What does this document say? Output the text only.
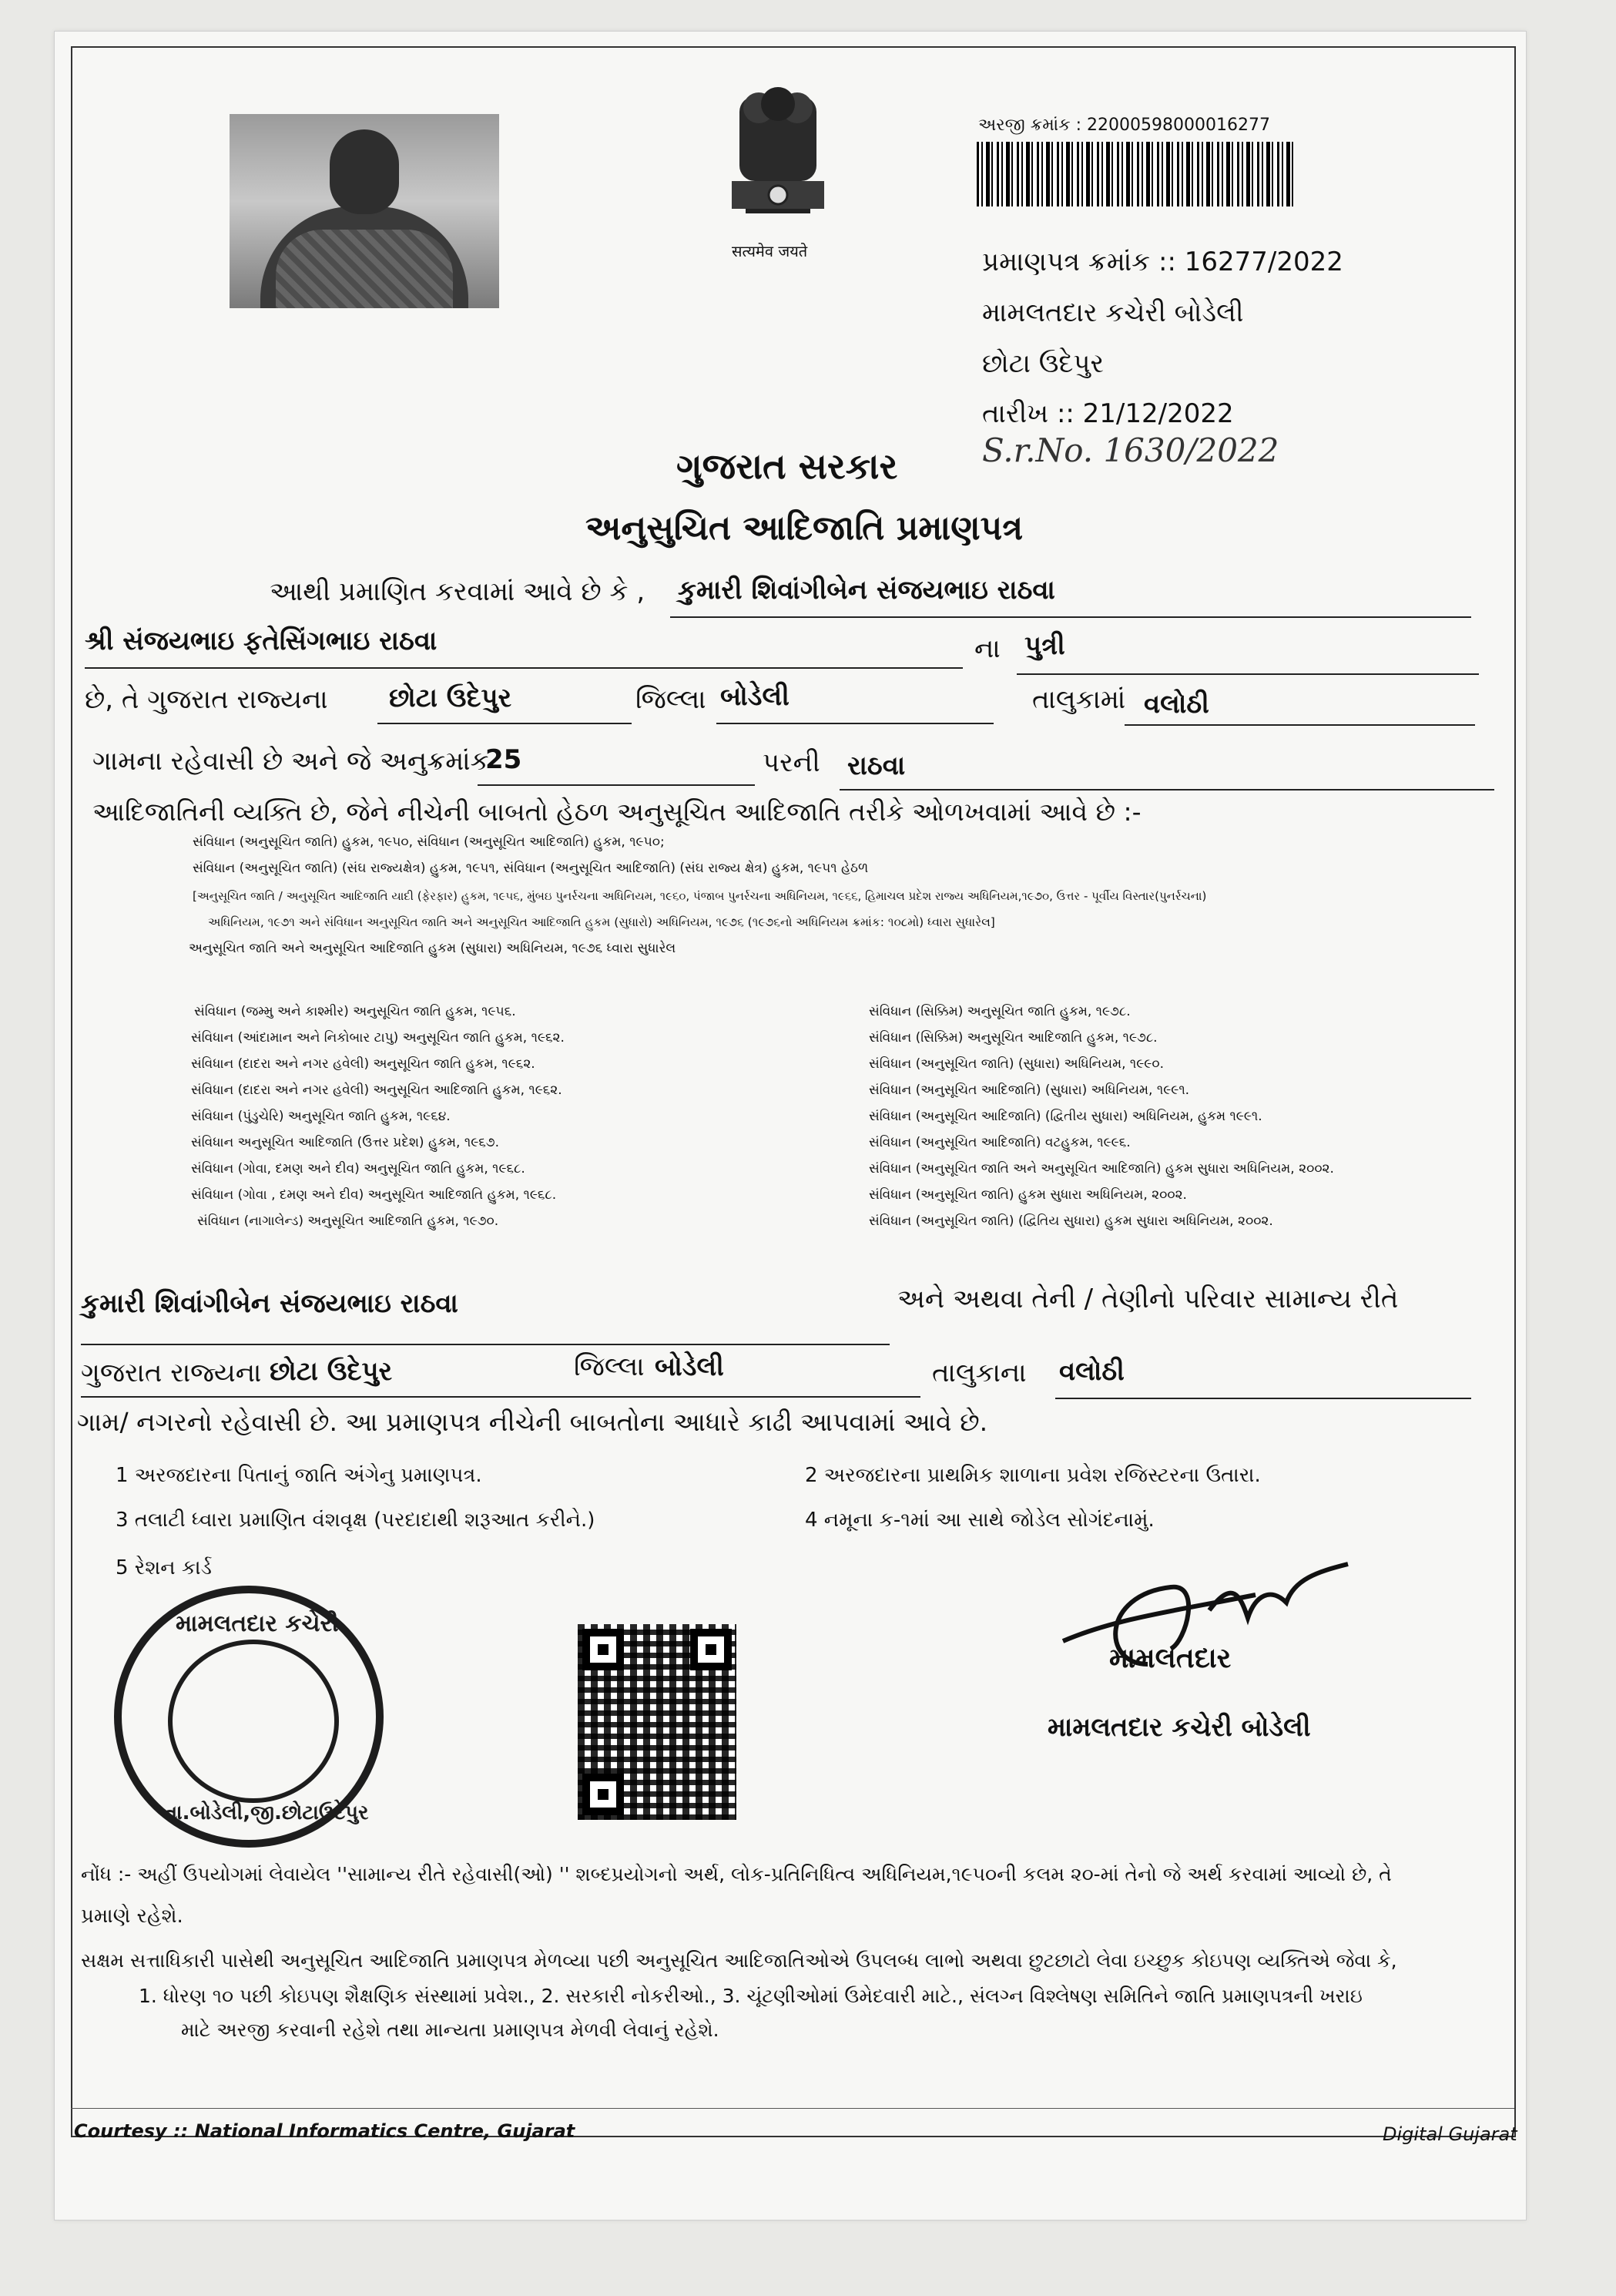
सत्यमेव जयते
અરજી ક્રમાંક : 22000598000016277
પ્રમાણપત્ર ક્રમાંક :: 16277/2022
મામલતદાર કચેરી બોડેલી
છોટા ઉદેપુર
તારીખ :: 21/12/2022
S.r.No. 1630/2022
ગુજરાત સરકાર
અનુસુચિત આદિજાતિ પ્રમાણપત્ર
આથી પ્રમાણિત કરવામાં આવે છે કે , કુમારી શિવાંગીબેન સંજયભાઇ રાઠવા
શ્રી સંજયભાઇ ફતેસિંગભાઇ રાઠવા	ના પુત્રી
છે, તે ગુજરાત રાજ્યના છોટા ઉદેપુર	જિલ્લા બોડેલી	તાલુકામાં વલોઠી
ગામના રહેવાસી છે અને જે અનુક્રમાંક
25	પરની રાઠવા
આદિજાતિની વ્યક્તિ છે, જેને નીચેની બાબતો હેઠળ અનુસૂચિત આદિજાતિ તરીકે ઓળખવામાં આવે છે :-
સંવિધાન (અનુસૂચિત જાતિ) હુકમ, ૧૯૫૦, સંવિધાન (અનુસૂચિત આદિજાતિ) હુકમ, ૧૯૫૦;
સંવિધાન (અનુસૂચિત જાતિ) (સંઘ રાજ્યક્ષેત્ર) હુકમ, ૧૯૫૧, સંવિધાન (અનુસૂચિત આદિજાતિ) (સંઘ રાજ્ય ક્ષેત્ર) હુકમ, ૧૯૫૧ હેઠળ
[અનુસૂચિત જાતિ / અનુસૂચિત આદિજાતિ યાદી (ફેરફાર) હુકમ, ૧૯૫૬, મુંબઇ પુનર્રચના અધિનિયમ, ૧૯૬૦, પંજાબ પુનર્રચના અધિનિયમ, ૧૯૬૬, હિમાચલ પ્રદેશ રાજ્ય અધિનિયમ,૧૯૭૦, ઉત્તર - પૂર્વીય વિસ્તાર(પુનર્રચના)
અધિનિયમ, ૧૯૭૧ અને સંવિધાન અનુસૂચિત જાતિ અને અનુસૂચિત આદિજાતિ હુકમ (સુધારો) અધિનિયમ, ૧૯૭૬ (૧૯૭૬નો અધિનિયમ ક્રમાંક: ૧૦૮મો) ધ્વારા સુધારેલ]
અનુસૂચિત જાતિ અને અનુસૂચિત આદિજાતિ હુકમ (સુધારા) અધિનિયમ, ૧૯૭૬ ધ્વારા સુધારેલ
સંવિધાન (જમ્મુ અને કાશ્મીર) અનુસૂચિત જાતિ હુકમ, ૧૯૫૬.
સંવિધાન (આંદામાન અને નિકોબાર ટાપુ) અનુસૂચિત જાતિ હુકમ, ૧૯૬૨.
સંવિધાન (દાદરા અને નગર હવેલી) અનુસૂચિત જાતિ હુકમ, ૧૯૬૨.
સંવિધાન (દાદરા અને નગર હવેલી) અનુસૂચિત આદિજાતિ હુકમ, ૧૯૬૨.
સંવિધાન (પુંડુચેરિ) અનુસૂચિત જાતિ હુકમ, ૧૯૬૪.
સંવિધાન અનુસૂચિત આદિજાતિ (ઉત્તર પ્રદેશ) હુકમ, ૧૯૬૭.
સંવિધાન (ગોવા, દમણ અને દીવ) અનુસૂચિત જાતિ હુકમ, ૧૯૬૮.
સંવિધાન (ગોવા , દમણ અને દીવ) અનુસૂચિત આદિજાતિ હુકમ, ૧૯૬૮.
સંવિધાન (નાગાલેન્ડ) અનુસૂચિત આદિજાતિ હુકમ, ૧૯૭૦.
સંવિધાન (સિક્કિમ) અનુસૂચિત જાતિ હુકમ, ૧૯૭૮.
સંવિધાન (સિક્કિમ) અનુસૂચિત આદિજાતિ હુકમ, ૧૯૭૮.
સંવિધાન (અનુસૂચિત જાતિ) (સુધારા) અધિનિયમ, ૧૯૯૦.
સંવિધાન (અનુસૂચિત આદિજાતિ) (સુધારા) અધિનિયમ, ૧૯૯૧.
સંવિધાન (અનુસૂચિત આદિજાતિ) (દ્વિતીય સુધારા) અધિનિયમ, હુકમ ૧૯૯૧.
સંવિધાન (અનુસૂચિત આદિજાતિ) વટહુકમ, ૧૯૯૬.
સંવિધાન (અનુસૂચિત જાતિ અને અનુસૂચિત આદિજાતિ) હુકમ સુધારા અધિનિયમ, ૨૦૦૨.
સંવિધાન (અનુસૂચિત જાતિ) હુકમ સુધારા અધિનિયમ, ૨૦૦૨.
સંવિધાન (અનુસૂચિત જાતિ) (દ્વિતિય સુધારા) હુકમ સુધારા અધિનિયમ, ૨૦૦૨.
કુમારી શિવાંગીબેન સંજયભાઇ રાઠવા	અને અથવા તેની / તેણીનો પરિવાર સામાન્ય રીતે
ગુજરાત રાજ્યના છોટા ઉદેપુર	જિલ્લા બોડેલી	તાલુકાના વલોઠી
ગામ/ નગરનો રહેવાસી છે. આ પ્રમાણપત્ર નીચેની બાબતોના આધારે કાઢી આપવામાં આવે છે.
1 અરજદારના પિતાનું જાતિ અંગેનુ પ્રમાણપત્ર.	2 અરજદારના પ્રાથમિક શાળાના પ્રવેશ રજિસ્ટરના ઉતારા.
3 તલાટી ધ્વારા પ્રમાણિત વંશવૃક્ષ (પરદાદાથી શરૂઆત કરીને.)	4 નમૂના ક-૧માં આ સાથે જોડેલ સોગંદનામું.
5 રેશન કાર્ડ
મામલતદાર કચેરી
તા.બોડેલી,જી.છોટાઉદેપુર
મામલતદાર
મામલતદાર કચેરી બોડેલી
નોંધ :- અહીં ઉપયોગમાં લેવાયેલ ''સામાન્ય રીતે રહેવાસી(ઓ) '' શબ્દપ્રયોગનો અર્થ, લોક-પ્રતિનિધિત્વ અધિનિયમ,૧૯૫૦ની કલમ ૨૦-માં તેનો જે અર્થ કરવામાં આવ્યો છે, તે
પ્રમાણે રહેશે.
સક્ષમ સત્તાધિકારી પાસેથી અનુસૂચિત આદિજાતિ પ્રમાણપત્ર મેળવ્યા પછી અનુસૂચિત આદિજાતિઓએ ઉપલબ્ધ લાભો અથવા છુટછાટો લેવા ઇચ્છુક કોઇપણ વ્યક્તિએ જેવા કે,
1. ધોરણ ૧૦ પછી કોઇપણ શૈક્ષણિક સંસ્થામાં પ્રવેશ., 2. સરકારી નોકરીઓ., 3. ચૂંટણીઓમાં ઉમેદવારી માટે., સંલગ્ન વિશ્લેષણ સમિતિને જાતિ પ્રમાણપત્રની ખરાઇ
માટે અરજી કરવાની રહેશે તથા માન્યતા પ્રમાણપત્ર મેળવી લેવાનું રહેશે.
Courtesy :: National Informatics Centre, Gujarat	Digital Gujarat
